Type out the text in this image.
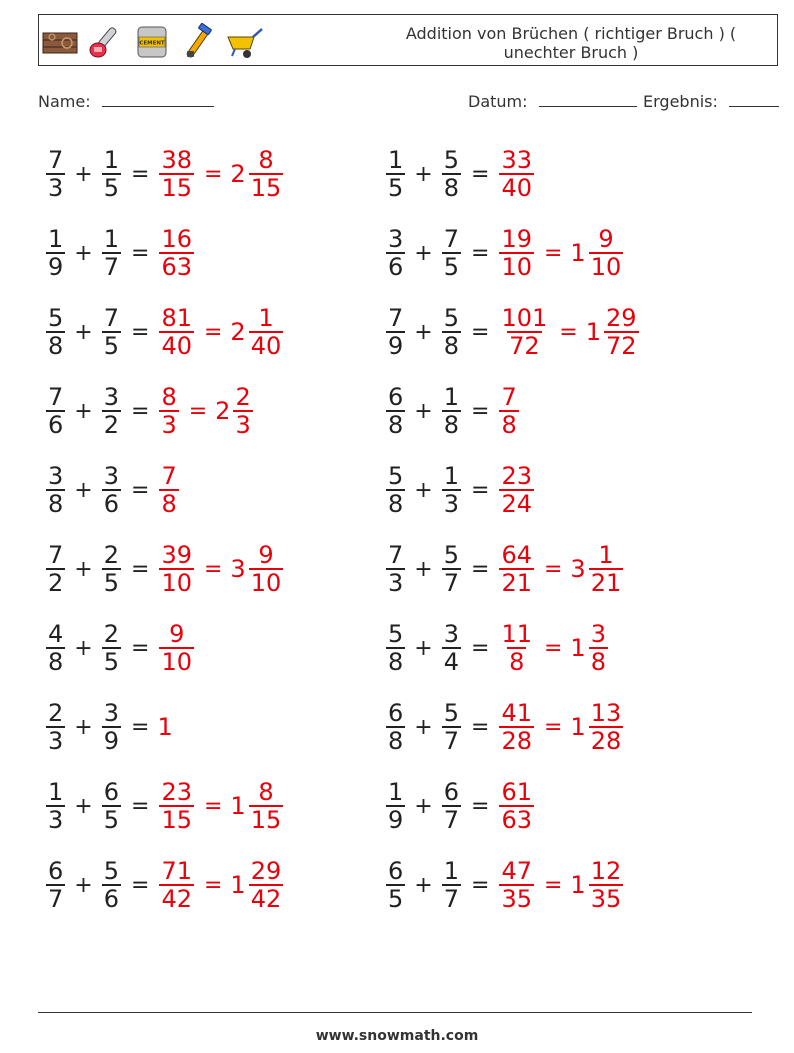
CEMENT
Addition von Brüchen ( richtiger Bruch ) ( unechter Bruch )
Name:	Datum:	Ergebnis:
$\frac{7}{3} + \frac{1}{5} = \frac{38}{15} = 2 \frac{8}{15}$	$\frac{1}{5} + \frac{5}{8} = \frac{33}{40}$
$\frac{1}{9} + \frac{1}{7} = \frac{16}{63}$	$\frac{3}{6} + \frac{7}{5} = \frac{19}{10} = 1 \frac{9}{10}$
$\frac{5}{8} + \frac{7}{5} = \frac{81}{40} = 2 \frac{1}{40}$	$\frac{7}{9} + \frac{5}{8} = \frac{101}{72} = 1 \frac{29}{72}$
$\frac{7}{6} + \frac{3}{2} = \frac{8}{3} = 2 \frac{2}{3}$	$\frac{6}{8} + \frac{1}{8} = \frac{7}{8}$
$\frac{3}{8} + \frac{3}{6} = \frac{7}{8}$	$\frac{5}{8} + \frac{1}{3} = \frac{23}{24}$
$\frac{7}{2} + \frac{2}{5} = \frac{39}{10} = 3 \frac{9}{10}$	$\frac{7}{3} + \frac{5}{7} = \frac{64}{21} = 3 \frac{1}{21}$
$\frac{4}{8} + \frac{2}{5} = \frac{9}{10}$	$\frac{5}{8} + \frac{3}{4} = \frac{11}{8} = 1 \frac{3}{8}$
$\frac{2}{3} + \frac{3}{9} = 1$	$\frac{6}{8} + \frac{5}{7} = \frac{41}{28} = 1 \frac{13}{28}$
$\frac{1}{3} + \frac{6}{5} = \frac{23}{15} = 1 \frac{8}{15}$	$\frac{1}{9} + \frac{6}{7} = \frac{61}{63}$
$\frac{6}{7} + \frac{5}{6} = \frac{71}{42} = 1 \frac{29}{42}$	$\frac{6}{5} + \frac{1}{7} = \frac{47}{35} = 1 \frac{12}{35}$
www.snowmath.com
